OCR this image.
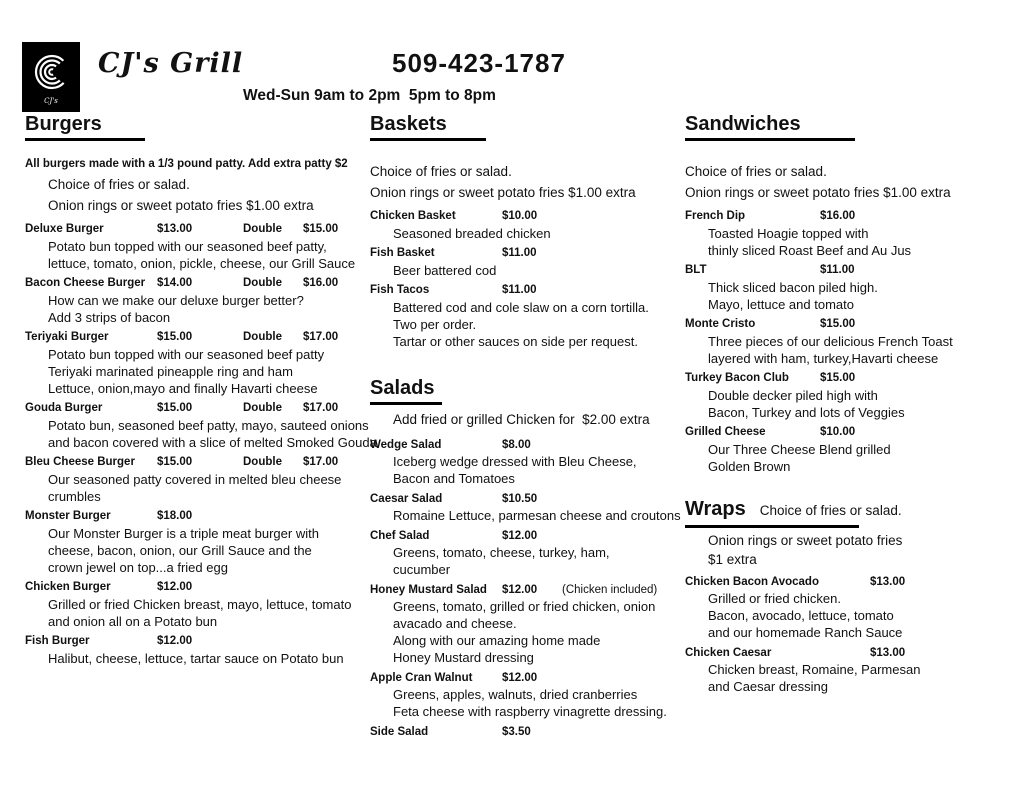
CJ's
CJ's Grill	509-423-1787
Wed-Sun 9am to 2pm  5pm to 8pm
Burgers
All burgers made with a 1/3 pound patty. Add extra patty $2
Choice of fries or salad.
Onion rings or sweet potato fries $1.00 extra
Deluxe Burger	$13.00	Double $15.00
Potato bun topped with our seasoned beef patty,
lettuce, tomato, onion, pickle, cheese, our Grill Sauce
Bacon Cheese Burger $14.00	Double $16.00
How can we make our deluxe burger better?
Add 3 strips of bacon
Teriyaki Burger	$15.00	Double $17.00
Potato bun topped with our seasoned beef patty
Teriyaki marinated pineapple ring and ham
Lettuce, onion,mayo and finally Havarti cheese
Gouda Burger	$15.00	Double $17.00
Potato bun, seasoned beef patty, mayo, sauteed onions
and bacon covered with a slice of melted Smoked Gouda
Bleu Cheese Burger $15.00	Double $17.00
Our seasoned patty covered in melted bleu cheese
crumbles
Monster Burger	$18.00
Our Monster Burger is a triple meat burger with
cheese, bacon, onion, our Grill Sauce and the
crown jewel on top...a fried egg
Chicken Burger	$12.00
Grilled or fried Chicken breast, mayo, lettuce, tomato
and onion all on a Potato bun
Fish Burger	$12.00
Halibut, cheese, lettuce, tartar sauce on Potato bun
Baskets
Choice of fries or salad.
Onion rings or sweet potato fries $1.00 extra
Chicken Basket	$10.00
Seasoned breaded chicken
Fish Basket	$11.00
Beer battered cod
Fish Tacos	$11.00
Battered cod and cole slaw on a corn tortilla.
Two per order.
Tartar or other sauces on side per request.
Salads
Add fried or grilled Chicken for  $2.00 extra
Wedge Salad	$8.00
Iceberg wedge dressed with Bleu Cheese,
Bacon and Tomatoes
Caesar Salad	$10.50
Romaine Lettuce, parmesan cheese and croutons
Chef Salad	$12.00
Greens, tomato, cheese, turkey, ham,
cucumber
Honey Mustard Salad $12.00 (Chicken included)
Greens, tomato, grilled or fried chicken, onion
avacado and cheese.
Along with our amazing home made
Honey Mustard dressing
Apple Cran Walnut	$12.00
Greens, apples, walnuts, dried cranberries
Feta cheese with raspberry vinagrette dressing.
Side Salad	$3.50
Sandwiches
Choice of fries or salad.
Onion rings or sweet potato fries $1.00 extra
French Dip	$16.00
Toasted Hoagie topped with
thinly sliced Roast Beef and Au Jus
BLT	$11.00
Thick sliced bacon piled high.
Mayo, lettuce and tomato
Monte Cristo	$15.00
Three pieces of our delicious French Toast
layered with ham, turkey,Havarti cheese
Turkey Bacon Club	$15.00
Double decker piled high with
Bacon, Turkey and lots of Veggies
Grilled Cheese	$10.00
Our Three Cheese Blend grilled
Golden Brown
Wraps Choice of fries or salad.
Onion rings or sweet potato fries
$1 extra
Chicken Bacon Avocado	$13.00
Grilled or fried chicken.
Bacon, avocado, lettuce, tomato
and our homemade Ranch Sauce
Chicken Caesar	$13.00
Chicken breast, Romaine, Parmesan
and Caesar dressing
